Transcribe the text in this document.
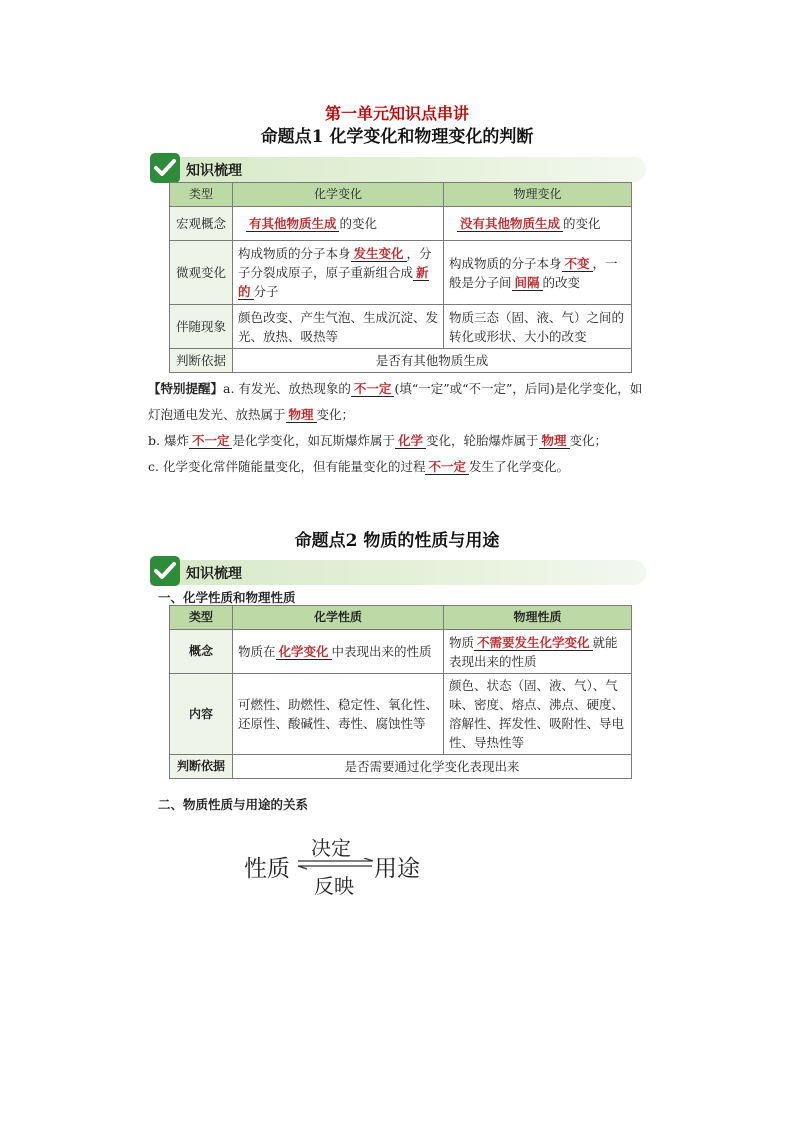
第一单元知识点串讲
命题点1 化学变化和物理变化的判断
知识梳理
类型	化学变化	物理变化
宏观概念	有其他物质生成 的变化	没有其他物质生成 的变化
微观变化	构成物质的分子本身 发生变化 ，分子分裂成原子，原子重新组合成 新的 分子	构成物质的分子本身 不变 ，一般是分子间 间隔 的改变
伴随现象	颜色改变、产生气泡、生成沉淀、发光、放热、吸热等	物质三态（固、液、气）之间的转化或形状、大小的改变
判断依据	是否有其他物质生成	
【特别提醒】a. 有发光、放热现象的 不一定 (填“一定”或“不一定”，后同)是化学变化，如灯泡通电发光、放热属于 物理 变化；
b. 爆炸 不一定 是化学变化，如瓦斯爆炸属于 化学 变化，轮胎爆炸属于 物理 变化；
c. 化学变化常伴随能量变化，但有能量变化的过程 不一定 发生了化学变化。
命题点2 物质的性质与用途
知识梳理
一、化学性质和物理性质
类型	化学性质	物理性质
概念	物质在 化学变化 中表现出来的性质	物质 不需要发生化学变化 就能表现出来的性质
内容	可燃性、助燃性、稳定性、氧化性、还原性、酸碱性、毒性、腐蚀性等	颜色、状态（固、液、气）、气味、密度、熔点、沸点、硬度、溶解性、挥发性、吸附性、导电性、导热性等
判断依据	是否需要通过化学变化表现出来	
二、物质性质与用途的关系
性质
决定
反映
用途
